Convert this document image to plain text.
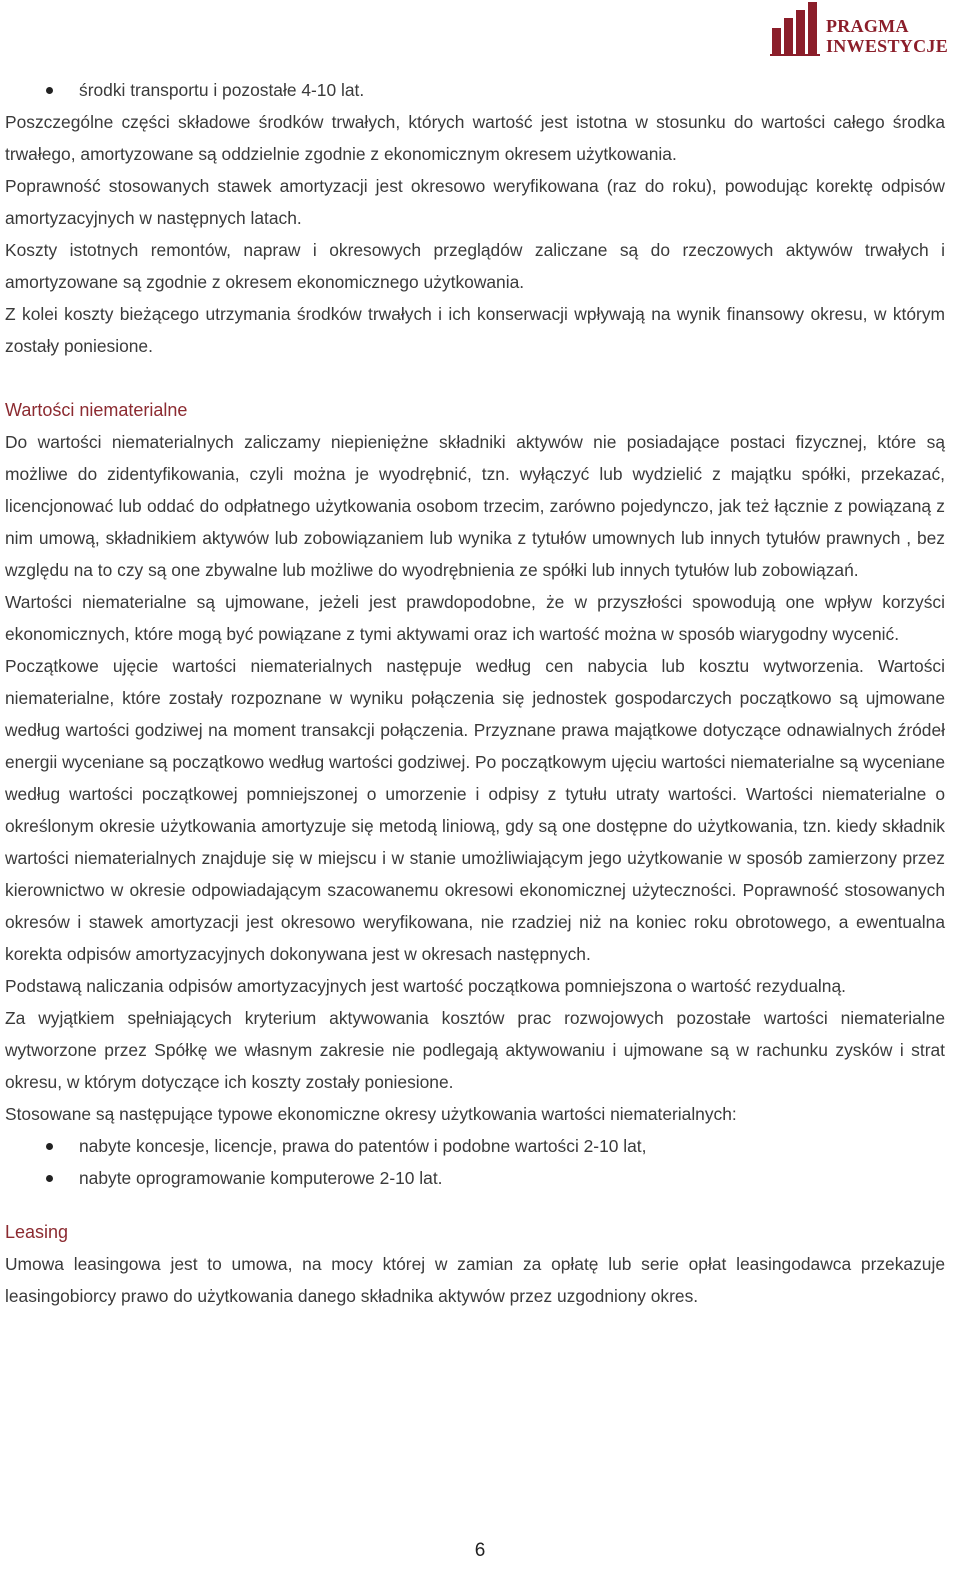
PRAGMA
INWESTYCJE
środki transportu i pozostałe 4-10 lat.

Poszczególne części składowe środków trwałych, których wartość jest istotna w stosunku do wartości całego środka trwałego, amortyzowane są oddzielnie zgodnie z ekonomicznym okresem użytkowania.

Poprawność stosowanych stawek amortyzacji jest okresowo weryfikowana (raz do roku), powodując korektę odpisów amortyzacyjnych w następnych latach.

Koszty istotnych remontów, napraw i okresowych przeglądów zaliczane są do rzeczowych aktywów trwałych i amortyzowane są zgodnie z okresem ekonomicznego użytkowania.

Z kolei koszty bieżącego utrzymania środków trwałych i ich konserwacji wpływają na wynik finansowy okresu, w którym zostały poniesione.

Wartości niematerialne

Do wartości niematerialnych zaliczamy niepieniężne składniki aktywów nie posiadające postaci fizycznej, które są możliwe do zidentyfikowania, czyli można je wyodrębnić, tzn. wyłączyć lub wydzielić z majątku spółki, przekazać, licencjonować lub oddać do odpłatnego użytkowania osobom trzecim, zarówno pojedynczo, jak też łącznie z powiązaną z nim umową, składnikiem aktywów lub zobowiązaniem lub wynika z tytułów umownych lub innych tytułów prawnych , bez względu na to czy są one zbywalne lub możliwe do wyodrębnienia ze spółki lub innych tytułów lub zobowiązań.

Wartości niematerialne są ujmowane, jeżeli jest prawdopodobne, że w przyszłości spowodują one wpływ korzyści ekonomicznych, które mogą być powiązane z tymi aktywami oraz ich wartość można w sposób wiarygodny wycenić.

Początkowe ujęcie wartości niematerialnych następuje według cen nabycia lub kosztu wytworzenia. Wartości niematerialne, które zostały rozpoznane w wyniku połączenia się jednostek gospodarczych początkowo są ujmowane według wartości godziwej na moment transakcji połączenia. Przyznane prawa majątkowe dotyczące odnawialnych źródeł energii wyceniane są początkowo według wartości godziwej. Po początkowym ujęciu wartości niematerialne są wyceniane według wartości początkowej pomniejszonej o umorzenie i odpisy z tytułu utraty wartości. Wartości niematerialne o określonym okresie użytkowania amortyzuje się metodą liniową, gdy są one dostępne do użytkowania, tzn. kiedy składnik wartości niematerialnych znajduje się w miejscu i w stanie umożliwiającym jego użytkowanie w sposób zamierzony przez kierownictwo w okresie odpowiadającym szacowanemu okresowi ekonomicznej użyteczności. Poprawność stosowanych okresów i stawek amortyzacji jest okresowo weryfikowana, nie rzadziej niż na koniec roku obrotowego, a ewentualna korekta odpisów amortyzacyjnych dokonywana jest w okresach następnych.

Podstawą naliczania odpisów amortyzacyjnych jest wartość początkowa pomniejszona o wartość rezydualną.

Za wyjątkiem spełniających kryterium aktywowania kosztów prac rozwojowych pozostałe wartości niematerialne wytworzone przez Spółkę we własnym zakresie nie podlegają aktywowaniu i ujmowane są w rachunku zysków i strat okresu, w którym dotyczące ich koszty zostały poniesione.

Stosowane są następujące typowe ekonomiczne okresy użytkowania wartości niematerialnych:

nabyte koncesje, licencje, prawa do patentów i podobne wartości 2-10 lat,
nabyte oprogramowanie komputerowe 2-10 lat.

Leasing

Umowa leasingowa jest to umowa, na mocy której w zamian za opłatę lub serie opłat leasingodawca przekazuje leasingobiorcy prawo do użytkowania danego składnika aktywów przez uzgodniony okres.

6
